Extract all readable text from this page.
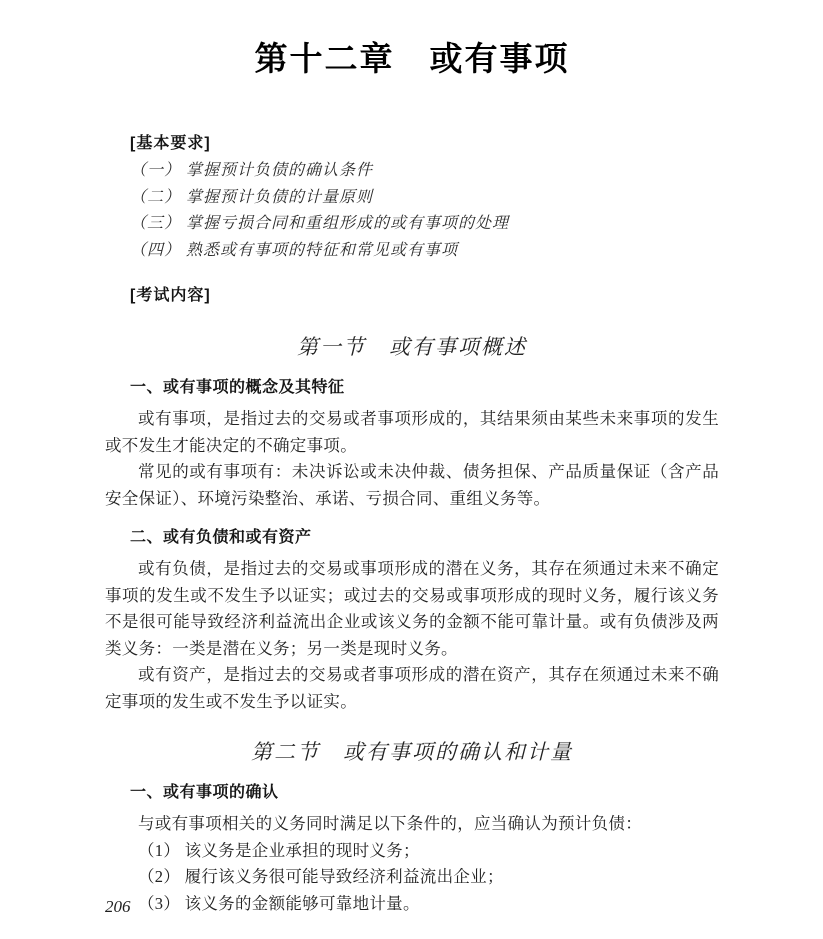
第十二章　或有事项
[基本要求]
（一） 掌握预计负债的确认条件
（二） 掌握预计负债的计量原则
（三） 掌握亏损合同和重组形成的或有事项的处理
（四） 熟悉或有事项的特征和常见或有事项
[考试内容]
第一节　或有事项概述
一、或有事项的概念及其特征

或有事项，是指过去的交易或者事项形成的，其结果须由某些未来事项的发生或不发生才能决定的不确定事项。

常见的或有事项有：未决诉讼或未决仲裁、债务担保、产品质量保证（含产品安全保证）、环境污染整治、承诺、亏损合同、重组义务等。

二、或有负债和或有资产

或有负债，是指过去的交易或事项形成的潜在义务，其存在须通过未来不确定事项的发生或不发生予以证实；或过去的交易或事项形成的现时义务，履行该义务不是很可能导致经济利益流出企业或该义务的金额不能可靠计量。或有负债涉及两类义务：一类是潜在义务；另一类是现时义务。

或有资产，是指过去的交易或者事项形成的潜在资产，其存在须通过未来不确定事项的发生或不发生予以证实。

第二节　或有事项的确认和计量
一、或有事项的确认

与或有事项相关的义务同时满足以下条件的，应当确认为预计负债：

（1） 该义务是企业承担的现时义务；

（2） 履行该义务很可能导致经济利益流出企业；

（3） 该义务的金额能够可靠地计量。

206
